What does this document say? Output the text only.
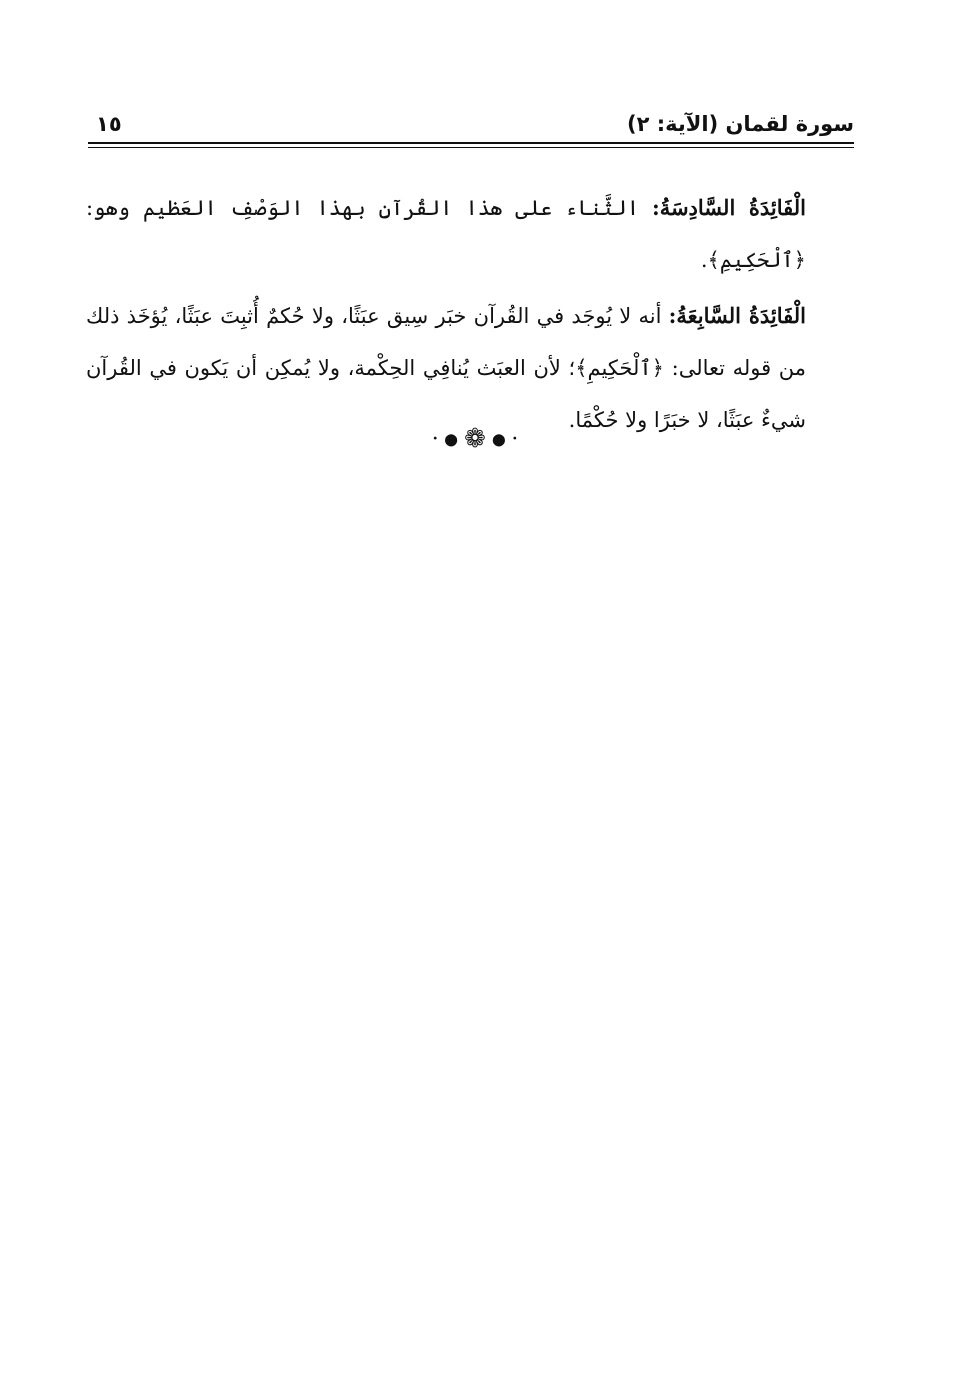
سورة لقمان (الآية: ٢)
١٥

الْفَائِدَةُ السَّادِسَةُ: الثَّناء على هذا القُرآنِ بهذا الوَصْفِ العَظيم وهو: ﴿ٱلْحَكِيمِ﴾.

الْفَائِدَةُ السَّابِعَةُ: أنه لا يُوجَد في القُرآن خبَر سِيق عبَثًا، ولا حُكمٌ أُثبِتَ عبَثًا، يُؤخَذ ذلك من قوله تعالى: ﴿ٱلْحَكِيمِ﴾؛ لأن العبَث يُنافِي الحِكْمة، ولا يُمكِن أن يَكون في القُرآن شيءٌ عبَثًا، لا خبَرًا ولا حُكْمًا.

•●❁●•
